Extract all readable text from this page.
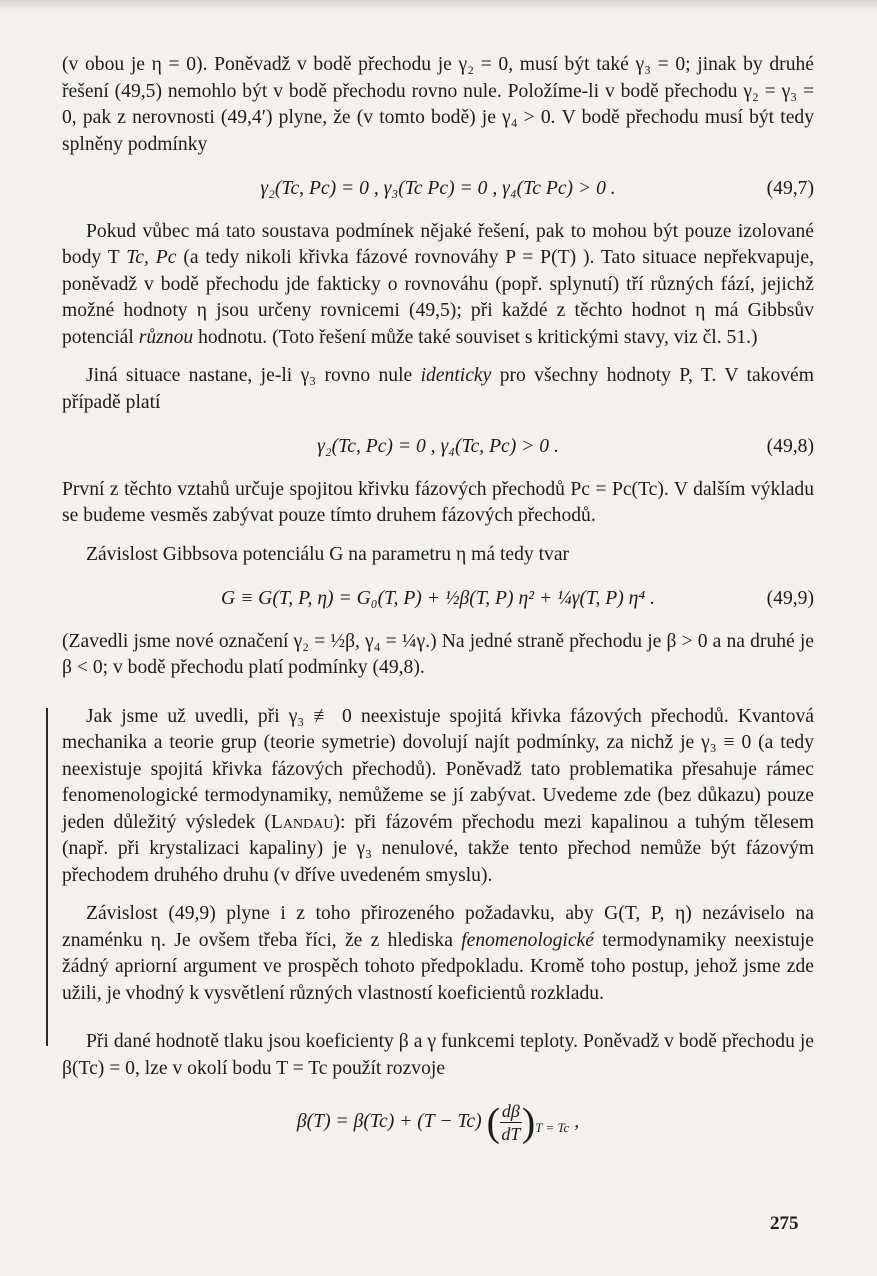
(v obou je η = 0). Poněvadž v bodě přechodu je γ₂ = 0, musí být také γ₃ = 0; jinak by druhé řešení (49,5) nemohlo být v bodě přechodu rovno nule. Položíme-li v bodě přechodu γ₂ = γ₃ = 0, pak z nerovnosti (49,4′) plyne, že (v tomto bodě) je γ₄ > 0. V bodě přechodu musí být tedy splněny podmínky

γ₂(Tc, Pc) = 0 , γ₃(Tc Pc) = 0 , γ₄(Tc Pc) > 0 .	(49,7)

Pokud vůbec má tato soustava podmínek nějaké řešení, pak to mohou být pouze izolované body T Tc, Pc (a tedy nikoli křivka fázové rovnováhy P = P(T) ). Tato situace nepřekvapuje, poněvadž v bodě přechodu jde fakticky o rovnováhu (popř. splynutí) tří různých fází, jejichž možné hodnoty η jsou určeny rovnicemi (49,5); při každé z těchto hodnot η má Gibbsův potenciál různou hodnotu. (Toto řešení může také souviset s kritickými stavy, viz čl. 51.)

Jiná situace nastane, je-li γ₃ rovno nule identicky pro všechny hodnoty P, T. V takovém případě platí

γ₂(Tc, Pc) = 0 , γ₄(Tc, Pc) > 0 .	(49,8)

První z těchto vztahů určuje spojitou křivku fázových přechodů Pc = Pc(Tc). V dalším výkladu se budeme vesměs zabývat pouze tímto druhem fázových přechodů.

Závislost Gibbsova potenciálu G na parametru η má tedy tvar

G ≡ G(T, P, η) = G₀(T, P) + ½β(T, P) η² + ¼γ(T, P) η⁴ .	(49,9)

(Zavedli jsme nové označení γ₂ = ½β, γ₄ = ¼γ.) Na jedné straně přechodu je β > 0 a na druhé je β < 0; v bodě přechodu platí podmínky (49,8).

Jak jsme už uvedli, při γ₃ ≢ 0 neexistuje spojitá křivka fázových přechodů. Kvantová mechanika a teorie grup (teorie symetrie) dovolují najít podmínky, za nichž je γ₃ ≡ 0 (a tedy neexistuje spojitá křivka fázových přechodů). Poněvadž tato problematika přesahuje rámec fenomenologické termodynamiky, nemůžeme se jí zabývat. Uvedeme zde (bez důkazu) pouze jeden důležitý výsledek (Landau): při fázovém přechodu mezi kapalinou a tuhým tělesem (např. při krystalizaci kapaliny) je γ₃ nenulové, takže tento přechod nemůže být fázovým přechodem druhého druhu (v dříve uvedeném smyslu).

Závislost (49,9) plyne i z toho přirozeného požadavku, aby G(T, P, η) nezáviselo na znaménku η. Je ovšem třeba říci, že z hlediska fenomenologické termodynamiky neexistuje žádný apriorní argument ve prospěch tohoto předpokladu. Kromě toho postup, jehož jsme zde užili, je vhodný k vysvětlení různých vlastností koeficientů rozkladu.

Při dané hodnotě tlaku jsou koeficienty β a γ funkcemi teploty. Poněvadž v bodě přechodu je β(Tc) = 0, lze v okolí bodu T = Tc použít rozvoje

β(T) = β(Tc) + (T − Tc) ( $\frac{d\beta}{dT} )_{T = Tc}$ ,
275
